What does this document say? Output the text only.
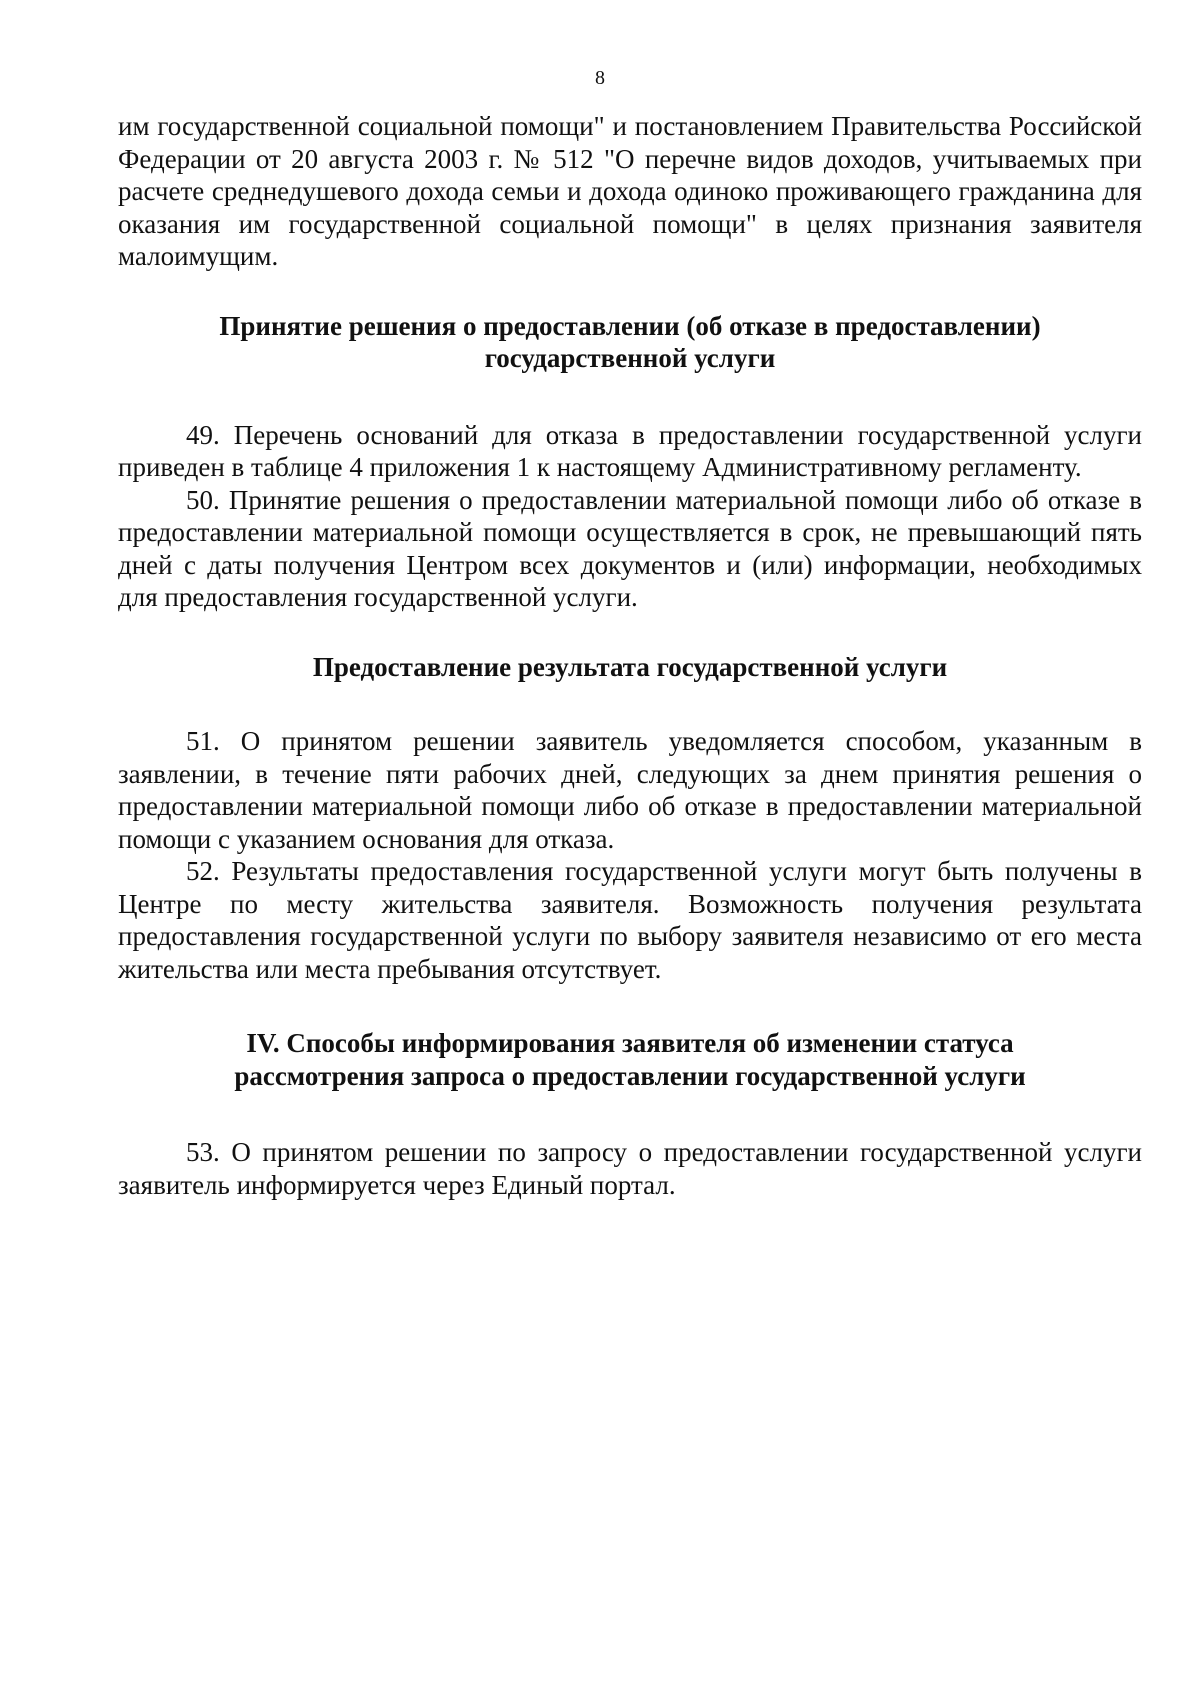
8

им государственной социальной помощи" и постановлением Правительства Российской Федерации от 20 августа 2003 г. № 512 "О перечне видов доходов, учитываемых при расчете среднедушевого дохода семьи и дохода одиноко проживающего гражданина для оказания им государственной социальной помощи" в целях признания заявителя малоимущим.

Принятие решения о предоставлении (об отказе в предоставлении)
государственной услуги

49. Перечень оснований для отказа в предоставлении государственной услуги приведен в таблице 4 приложения 1 к настоящему Административному регламенту.

50. Принятие решения о предоставлении материальной помощи либо об отказе в предоставлении материальной помощи осуществляется в срок, не превышающий пять дней с даты получения Центром всех документов и (или) информации, необходимых для предоставления государственной услуги.

Предоставление результата государственной услуги

51. О принятом решении заявитель уведомляется способом, указанным в заявлении, в течение пяти рабочих дней, следующих за днем принятия решения о предоставлении материальной помощи либо об отказе в предоставлении материальной помощи с указанием основания для отказа.

52. Результаты предоставления государственной услуги могут быть получены в Центре по месту жительства заявителя. Возможность получения результата предоставления государственной услуги по выбору заявителя независимо от его места жительства или места пребывания отсутствует.

IV. Способы информирования заявителя об изменении статуса
рассмотрения запроса о предоставлении государственной услуги

53. О принятом решении по запросу о предоставлении государственной услуги заявитель информируется через Единый портал.
